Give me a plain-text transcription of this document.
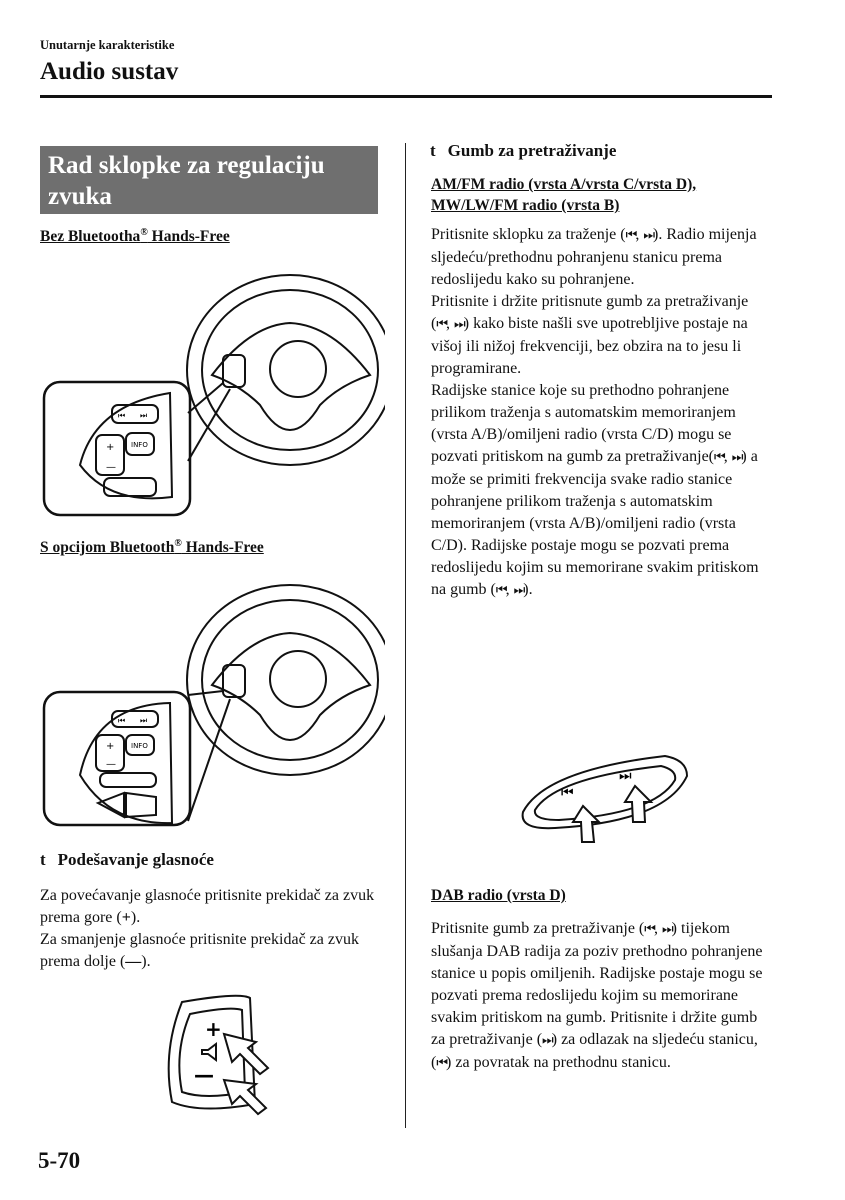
Unutarnje karakteristike
Audio sustav
Rad sklopke za regulaciju zvuka
Bez Bluetootha® Hands-Free
⏮ ⏭
INFO
+
—
S opcijom Bluetooth® Hands-Free
⏮ ⏭
INFO
+
—
t Podešavanje glasnoće
Za povećavanje glasnoće pritisnite prekidač za zvuk prema gore (+).
Za smanjenje glasnoće pritisnite prekidač za zvuk prema dolje (—).
+
—
t Gumb za pretraživanje
AM/FM radio (vrsta A/vrsta C/vrsta D), MW/LW/FM radio (vrsta B)
Pritisnite sklopku za traženje (⏮, ⏭). Radio mijenja sljedeću/prethodnu pohranjenu stanicu prema redoslijedu kako su pohranjene.
Pritisnite i držite pritisnute gumb za pretraživanje (⏮, ⏭) kako biste našli sve upotrebljive postaje na višoj ili nižoj frekvenciji, bez obzira na to jesu li programirane.
Radijske stanice koje su prethodno pohranjene prilikom traženja s automatskim memoriranjem (vrsta A/B)/omiljeni radio (vrsta C/D) mogu se pozvati pritiskom na gumb za pretraživanje(⏮, ⏭) a može se primiti frekvencija svake radio stanice pohranjene prilikom traženja s automatskim memoriranjem (vrsta A/B)/omiljeni radio (vrsta C/D). Radijske postaje mogu se pozvati prema redoslijedu kojim su memorirane svakim pritiskom na gumb (⏮, ⏭).
⏮
⏭
DAB radio (vrsta D)
Pritisnite gumb za pretraživanje (⏮, ⏭) tijekom slušanja DAB radija za poziv prethodno pohranjene stanice u popis omiljenih. Radijske postaje mogu se pozvati prema redoslijedu kojim su memorirane svakim pritiskom na gumb. Pritisnite i držite gumb za pretraživanje (⏭) za odlazak na sljedeću stanicu, (⏮) za povratak na prethodnu stanicu.
5-70
